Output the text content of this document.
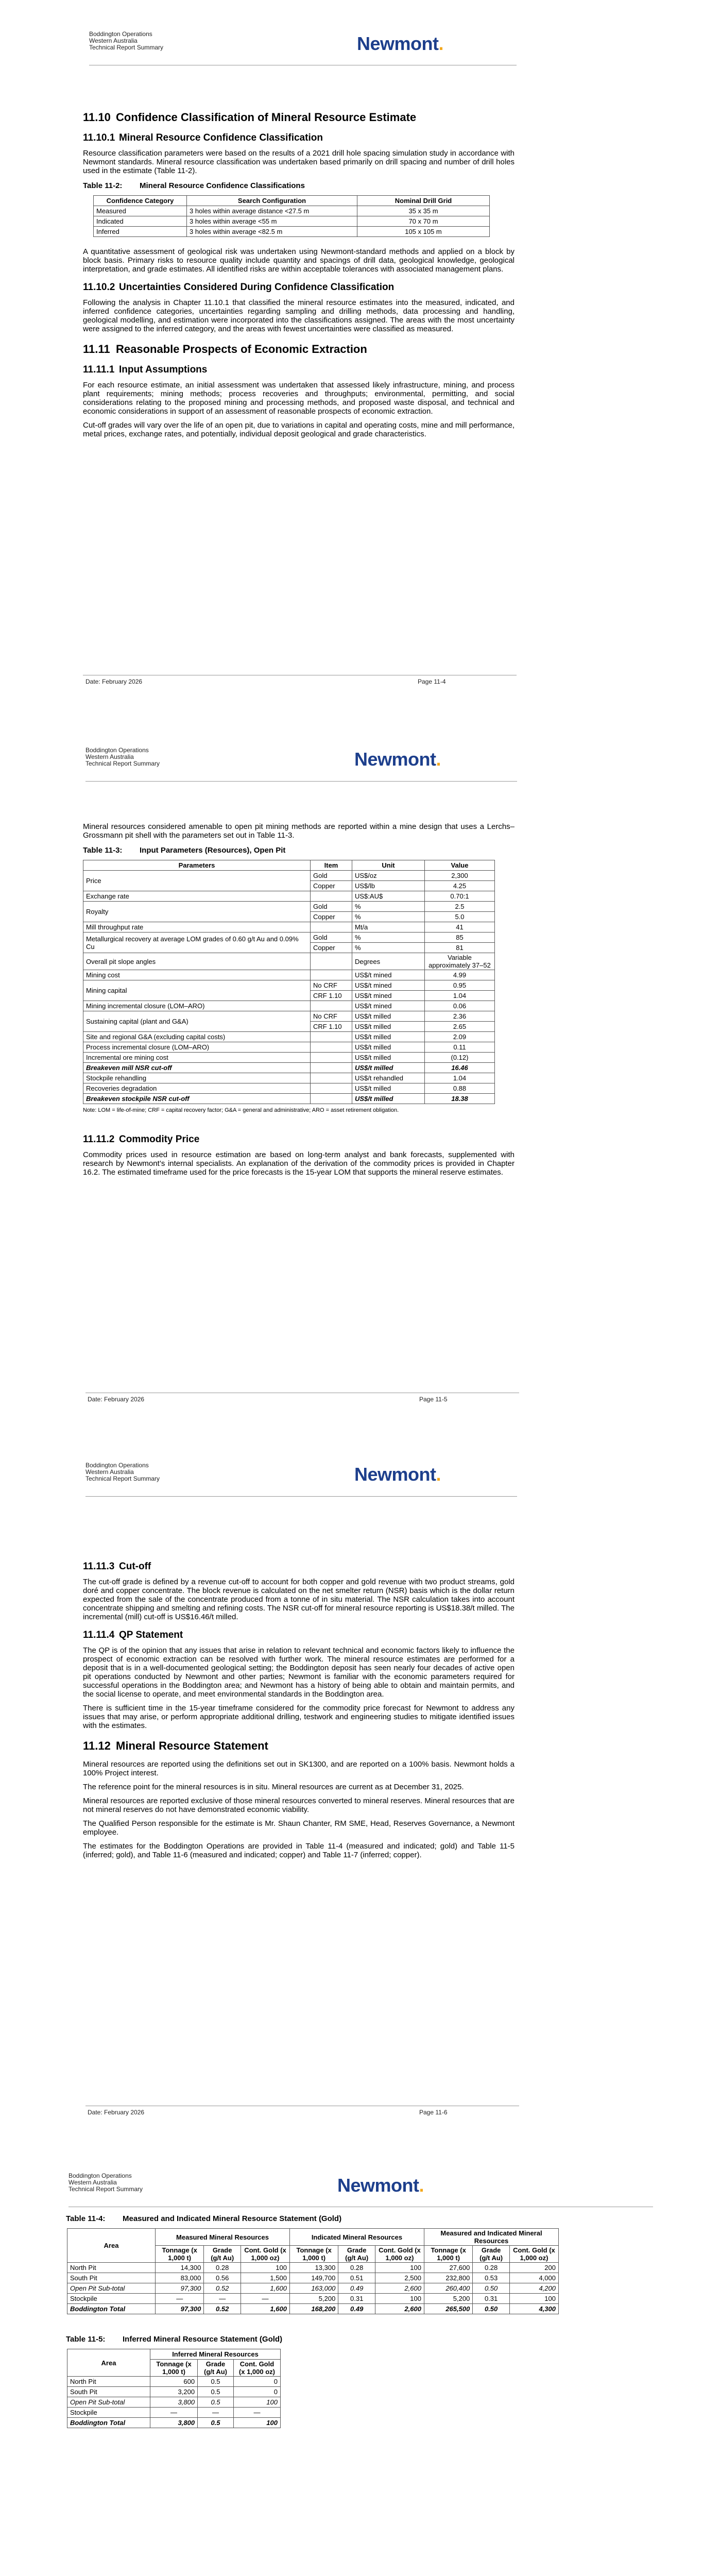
Boddington Operations
Western Australia
Technical Report Summary	Newmont.
11.10 Confidence Classification of Mineral Resource Estimate
11.10.1 Mineral Resource Confidence Classification

Resource classification parameters were based on the results of a 2021 drill hole spacing simulation study in accordance with Newmont standards. Mineral resource classification was undertaken based primarily on drill spacing and number of drill holes used in the estimate (Table 11-2).

Table 11-2: Mineral Resource Confidence Classifications
Confidence Category	Search Configuration	Nominal Drill Grid
Measured	3 holes within average distance <27.5 m	35 x 35 m
Indicated	3 holes within average <55 m	70 x 70 m
Inferred	3 holes within average <82.5 m	105 x 105 m

A quantitative assessment of geological risk was undertaken using Newmont-standard methods and applied on a block by block basis. Primary risks to resource quality include quantity and spacings of drill data, geological knowledge, geological interpretation, and grade estimates. All identified risks are within acceptable tolerances with associated management plans.

11.10.2 Uncertainties Considered During Confidence Classification

Following the analysis in Chapter 11.10.1 that classified the mineral resource estimates into the measured, indicated, and inferred confidence categories, uncertainties regarding sampling and drilling methods, data processing and handling, geological modelling, and estimation were incorporated into the classifications assigned. The areas with the most uncertainty were assigned to the inferred category, and the areas with fewest uncertainties were classified as measured.

11.11 Reasonable Prospects of Economic Extraction
11.11.1 Input Assumptions

For each resource estimate, an initial assessment was undertaken that assessed likely infrastructure, mining, and process plant requirements; mining methods; process recoveries and throughputs; environmental, permitting, and social considerations relating to the proposed mining and processing methods, and proposed waste disposal, and technical and economic considerations in support of an assessment of reasonable prospects of economic extraction.

Cut-off grades will vary over the life of an open pit, due to variations in capital and operating costs, mine and mill performance, metal prices, exchange rates, and potentially, individual deposit geological and grade characteristics.

Date: February 2026	Page 11-4
Boddington Operations
Western Australia
Technical Report Summary	Newmont.

Mineral resources considered amenable to open pit mining methods are reported within a mine design that uses a Lerchs–Grossmann pit shell with the parameters set out in Table 11-3.

Table 11-3: Input Parameters (Resources), Open Pit
Parameters	Item	Unit	Value
Price	Gold	US$/oz	2,300
	Copper	US$/lb	4.25
Exchange rate		US$:AU$	0.70:1
Royalty	Gold	%	2.5
	Copper	%	5.0
Mill throughput rate		Mt/a	41
Metallurgical recovery at average LOM grades of 0.60 g/t Au and 0.09% Cu	Gold	%	85
	Copper	%	81
Overall pit slope angles		Degrees	Variable approximately 37–52
Mining cost		US$/t mined	4.99
Mining capital	No CRF	US$/t mined	0.95
	CRF 1.10	US$/t mined	1.04
Mining incremental closure (LOM–ARO)		US$/t mined	0.06
Sustaining capital (plant and G&A)	No CRF	US$/t milled	2.36
	CRF 1.10	US$/t milled	2.65
Site and regional G&A (excluding capital costs)		US$/t milled	2.09
Process incremental closure (LOM–ARO)		US$/t milled	0.11
Incremental ore mining cost		US$/t milled	(0.12)
Breakeven mill NSR cut-off		US$/t milled	16.46
Stockpile rehandling		US$/t rehandled	1.04
Recoveries degradation		US$/t milled	0.88
Breakeven stockpile NSR cut-off		US$/t milled	18.38
Note: LOM = life-of-mine; CRF = capital recovery factor; G&A = general and administrative; ARO = asset retirement obligation.
11.11.2 Commodity Price

Commodity prices used in resource estimation are based on long-term analyst and bank forecasts, supplemented with research by Newmont’s internal specialists. An explanation of the derivation of the commodity prices is provided in Chapter 16.2. The estimated timeframe used for the price forecasts is the 15-year LOM that supports the mineral reserve estimates.

Date: February 2026	Page 11-5
Boddington Operations
Western Australia
Technical Report Summary	Newmont.
11.11.3 Cut-off

The cut-off grade is defined by a revenue cut-off to account for both copper and gold revenue with two product streams, gold doré and copper concentrate. The block revenue is calculated on the net smelter return (NSR) basis which is the dollar return expected from the sale of the concentrate produced from a tonne of in situ material. The NSR calculation takes into account concentrate shipping and smelting and refining costs. The NSR cut-off for mineral resource reporting is US$18.38/t milled. The incremental (mill) cut-off is US$16.46/t milled.

11.11.4 QP Statement

The QP is of the opinion that any issues that arise in relation to relevant technical and economic factors likely to influence the prospect of economic extraction can be resolved with further work. The mineral resource estimates are performed for a deposit that is in a well-documented geological setting; the Boddington deposit has seen nearly four decades of active open pit operations conducted by Newmont and other parties; Newmont is familiar with the economic parameters required for successful operations in the Boddington area; and Newmont has a history of being able to obtain and maintain permits, and the social license to operate, and meet environmental standards in the Boddington area.

There is sufficient time in the 15-year timeframe considered for the commodity price forecast for Newmont to address any issues that may arise, or perform appropriate additional drilling, testwork and engineering studies to mitigate identified issues with the estimates.

11.12 Mineral Resource Statement

Mineral resources are reported using the definitions set out in SK1300, and are reported on a 100% basis. Newmont holds a 100% Project interest.

The reference point for the mineral resources is in situ. Mineral resources are current as at December 31, 2025.

Mineral resources are reported exclusive of those mineral resources converted to mineral reserves. Mineral resources that are not mineral reserves do not have demonstrated economic viability.

The Qualified Person responsible for the estimate is Mr. Shaun Chanter, RM SME, Head, Reserves Governance, a Newmont employee.

The estimates for the Boddington Operations are provided in Table 11-4 (measured and indicated; gold) and Table 11-5 (inferred; gold), and Table 11-6 (measured and indicated; copper) and Table 11-7 (inferred; copper).

Date: February 2026	Page 11-6
Boddington Operations
Western Australia
Technical Report Summary	Newmont.
Table 11-4: Measured and Indicated Mineral Resource Statement (Gold)
Area	Measured Mineral Resources			Indicated Mineral Resources			Measured and Indicated Mineral Resources		
	Tonnage (x 1,000 t)	Grade (g/t Au)	Cont. Gold (x 1,000 oz)	Tonnage (x 1,000 t)	Grade (g/t Au)	Cont. Gold (x 1,000 oz)	Tonnage (x 1,000 t)	Grade (g/t Au)	Cont. Gold (x 1,000 oz)
North Pit	14,300	0.28	100	13,300	0.28	100	27,600	0.28	200
South Pit	83,000	0.56	1,500	149,700	0.51	2,500	232,800	0.53	4,000
Open Pit Sub-total	97,300	0.52	1,600	163,000	0.49	2,600	260,400	0.50	4,200
Stockpile	—	—	—	5,200	0.31	100	5,200	0.31	100
Boddington Total	97,300	0.52	1,600	168,200	0.49	2,600	265,500	0.50	4,300
Table 11-5: Inferred Mineral Resource Statement (Gold)
Area	Inferred Mineral Resources		
	Tonnage (x 1,000 t)	Grade (g/t Au)	Cont. Gold (x 1,000 oz)
North Pit	600	0.5	0
South Pit	3,200	0.5	0
Open Pit Sub-total	3,800	0.5	100
Stockpile	—	—	—
Boddington Total	3,800	0.5	100
